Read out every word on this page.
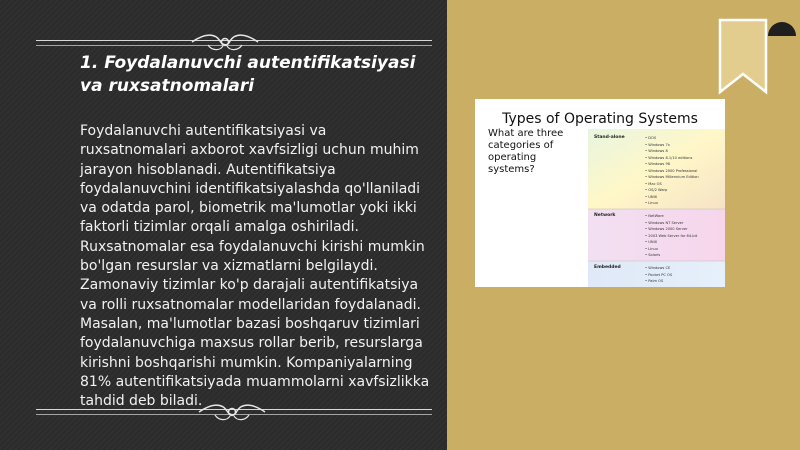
1. Foydalanuvchi autentifikatsiyasi va ruxsatnomalari

Foydalanuvchi autentifikatsiyasi va ruxsatnomalari axborot xavfsizligi uchun muhim jarayon hisoblanadi. Autentifikatsiya foydalanuvchini identifikatsiyalashda qo'llaniladi va odatda parol, biometrik ma'lumotlar yoki ikki faktorli tizimlar orqali amalga oshiriladi. Ruxsatnomalar esa foydalanuvchi kirishi mumkin bo'lgan resurslar va xizmatlarni belgilaydi. Zamonaviy tizimlar ko'p darajali autentifikatsiya va rolli ruxsatnomalar modellaridan foydalanadi. Masalan, ma'lumotlar bazasi boshqaruv tizimlari foydalanuvchiga maxsus rollar berib, resurslarga kirishni boshqarishi mumkin. Kompaniyalarning 81% autentifikatsiyada muammolarni xavfsizlikka tahdid deb biladi.

Types of Operating Systems
What are three categories of operating systems?
Stand-alone	• DOS
• Windows 7x
• Windows 8
• Windows 8.1/10 editions
• Windows 98
• Windows 2000 Professional
• Windows Millennium Edition
• Mac OS
• OS/2 Warp
• UNIX
• Linux
Network	• NetWare
• Windows NT Server
• Windows 2000 Server
• 2003 Web Server for 64-bit
• UNIX
• Linux
• Solaris
Embedded	• Windows CE
• Pocket PC OS
• Palm OS
